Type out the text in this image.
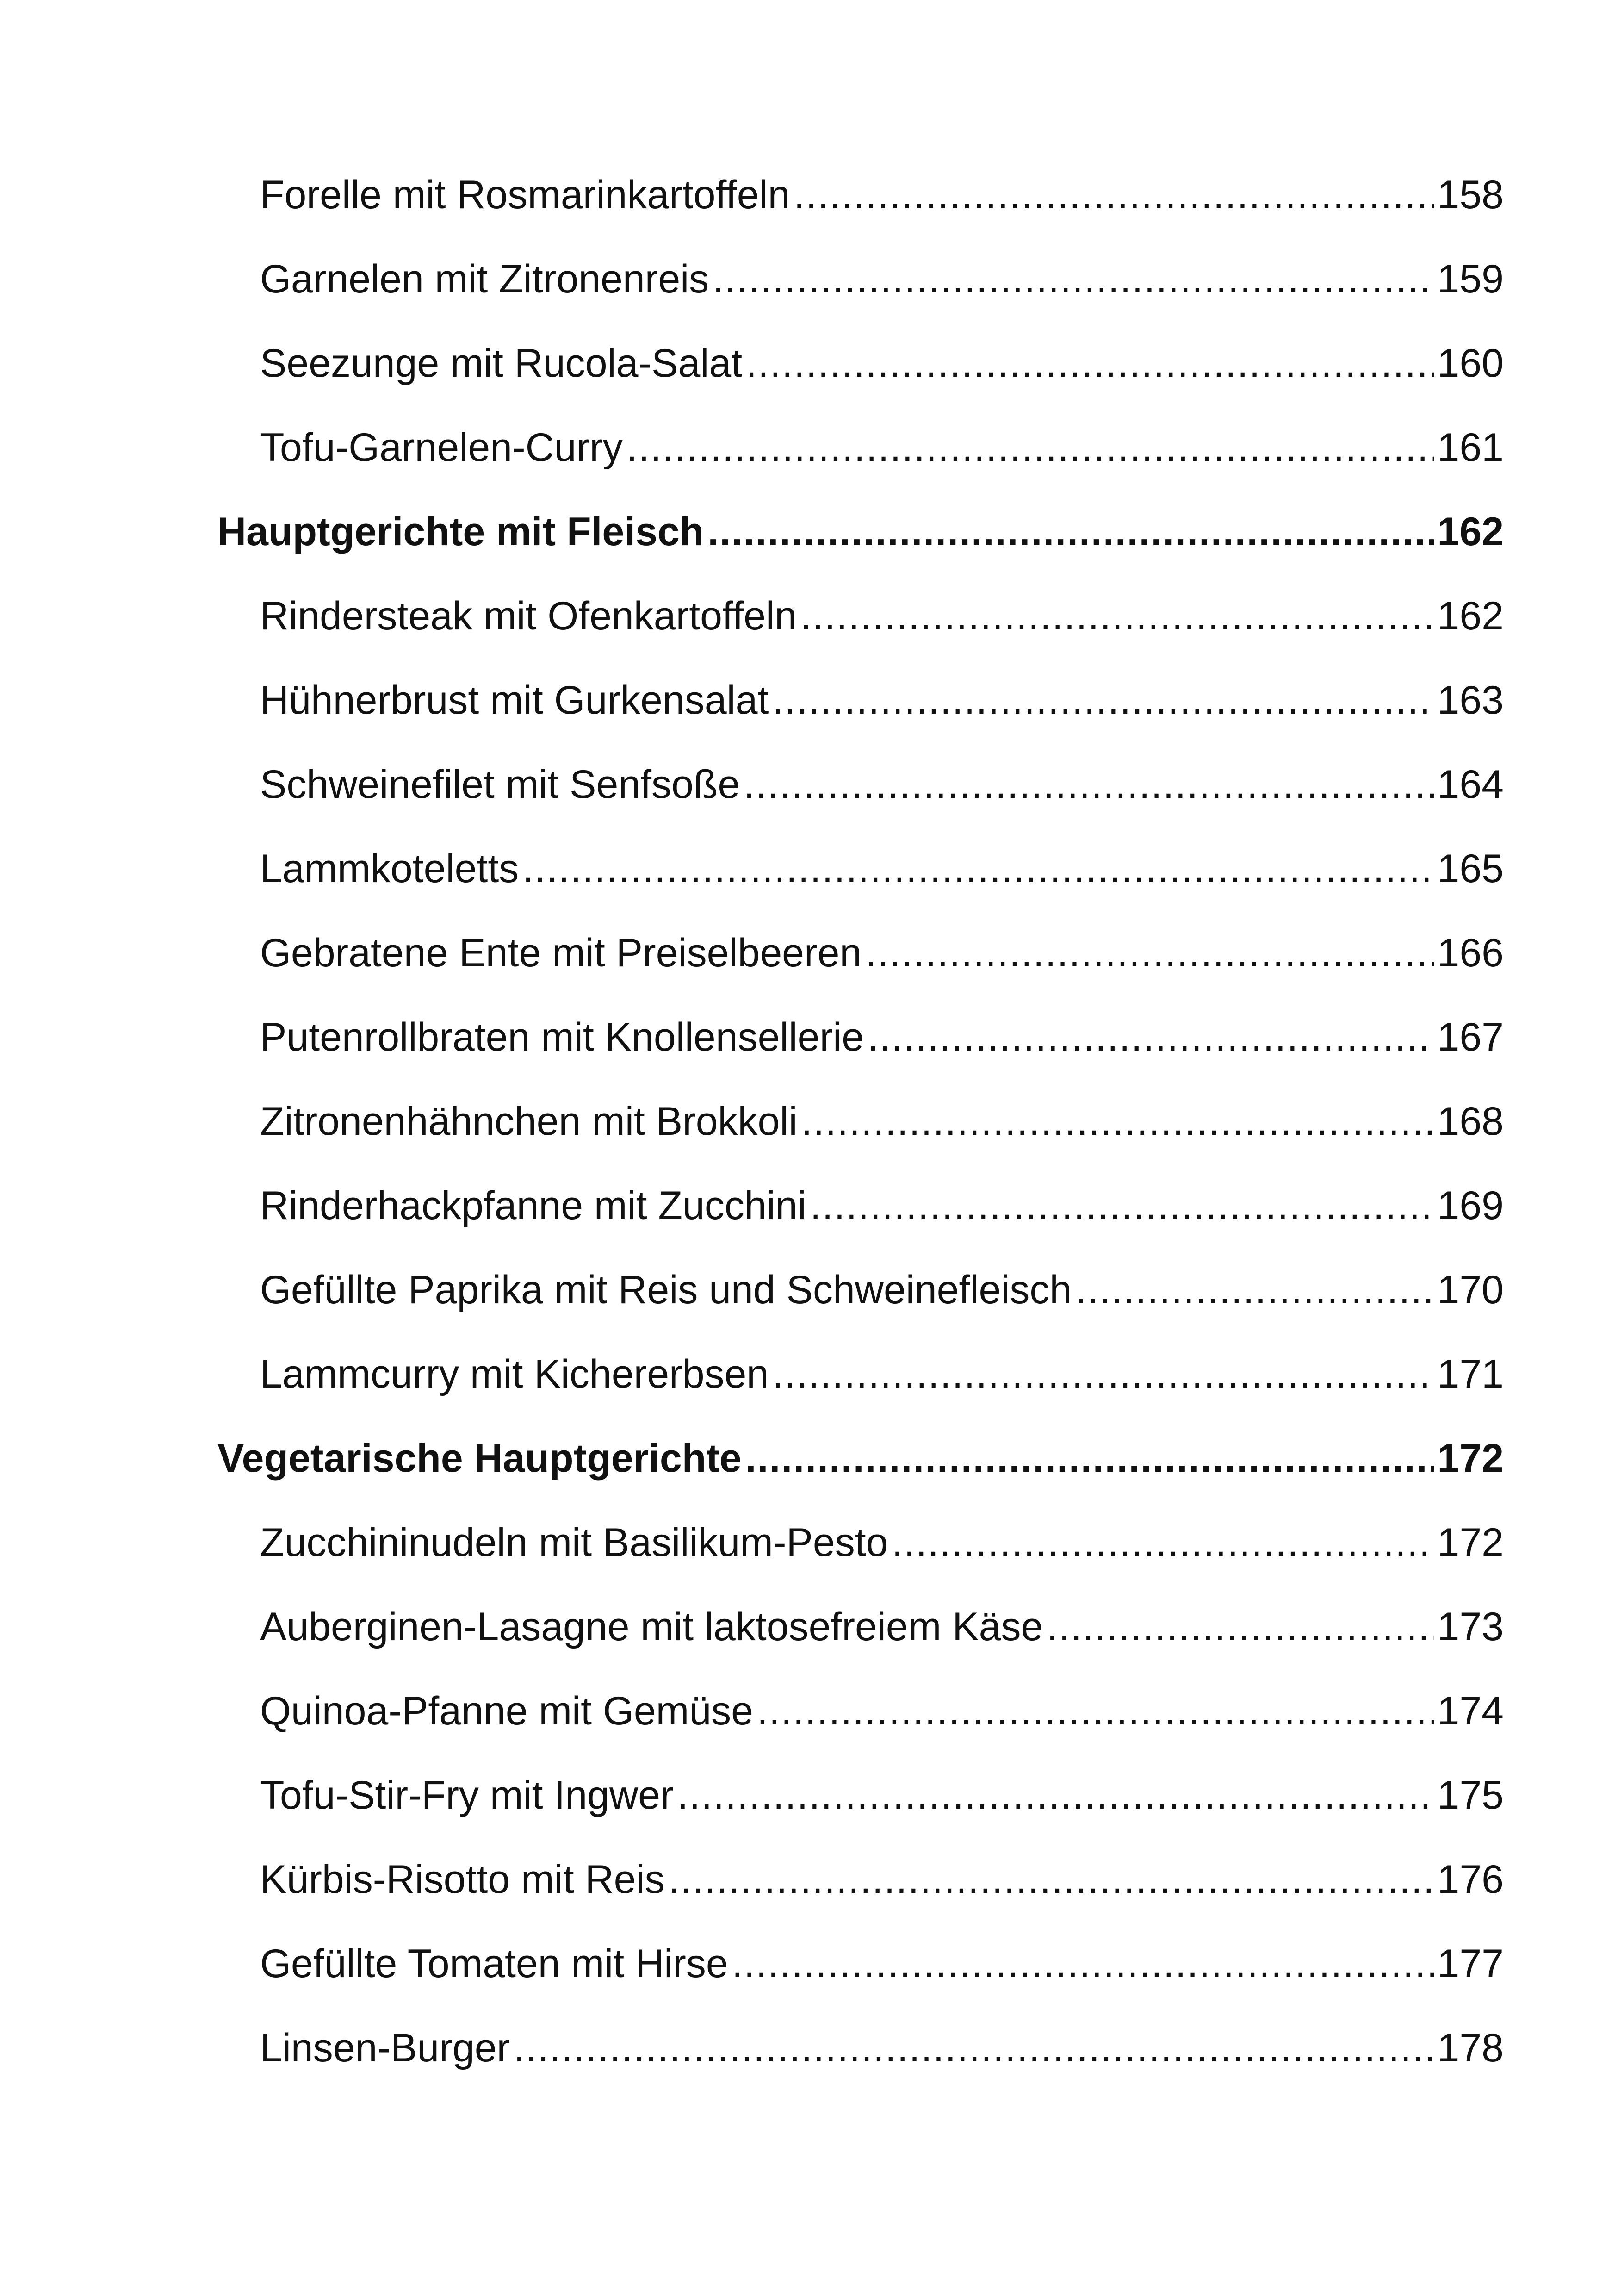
Forelle mit Rosmarinkartoffeln .....	158
Garnelen mit Zitronenreis .....	159
Seezunge mit Rucola-Salat .....	160
Tofu-Garnelen-Curry .....	161
Hauptgerichte mit Fleisch .....	162
Rindersteak mit Ofenkartoffeln .....	162
Hühnerbrust mit Gurkensalat .....	163
Schweinefilet mit Senfsoße .....	164
Lammkoteletts .....	165
Gebratene Ente mit Preiselbeeren .....	166
Putenrollbraten mit Knollensellerie .....	167
Zitronenhähnchen mit Brokkoli .....	168
Rinderhackpfanne mit Zucchini .....	169
Gefüllte Paprika mit Reis und Schweinefleisch .....	170
Lammcurry mit Kichererbsen .....	171
Vegetarische Hauptgerichte .....	172
Zucchininudeln mit Basilikum-Pesto .....	172
Auberginen-Lasagne mit laktosefreiem Käse .....	173
Quinoa-Pfanne mit Gemüse .....	174
Tofu-Stir-Fry mit Ingwer .....	175
Kürbis-Risotto mit Reis .....	176
Gefüllte Tomaten mit Hirse .....	177
Linsen-Burger .....	178
